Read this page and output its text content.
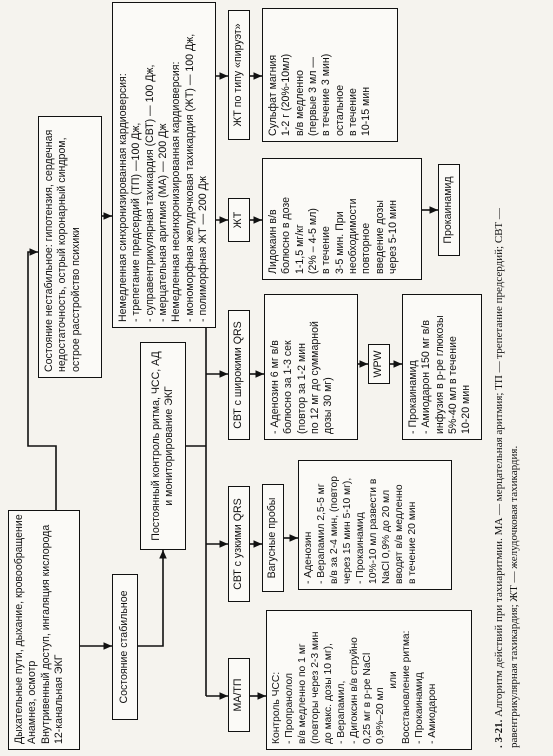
Дыхательные пути, дыхание, кровообращение Анамнез, осмотр Внутривенный доступ, ингаляция кислорода 12-канальная ЭКГ
Состояние нестабильное: гипотензия, сердечная недостаточность, острый коронарный синдром, острое расстройство психики
Состояние стабильное
Постоянный контроль ритма, ЧСС, АД и мониторирование ЭКГ
Немедленная синхронизированная кардиоверсия: - трепетание предсердий (ТП) —100 Дж, - суправентрикулярная тахикардия (СВТ) — 100 Дж, - мерцательная аритмия (МА) — 200 Дж Немедленная несинхронизированная кардиоверсия: - мономорфная желудочковая тахикардия (ЖТ) — 100 Дж, - полиморфная ЖТ — 200 Дж
МА/ТП
СВТ с узкими QRS
СВТ с широкими QRS
ЖТ
ЖТ по типу «пируэт»
Контроль ЧСС: - Пропранолол в/в медленно по 1 мг (повторы через 2-3 мин до макс. дозы 10 мг), - Верапамил, - Дигоксин в/в струйно 0,25 мг в р-ре NaCl 0,9%–20 мл
или Восстановление ритма: - Прокаинамид - Амиодарон
Вагусные пробы - Аденозин - Верапамил 2,5-5 мг в/в за 2-4 мин, (повтор через 15 мин 5-10 мг), - Прокаинамид 10%-10 мл развести в NaCl 0,9% до 20 мл вводят в/в медленно в течение 20 мин
- Аденозин 6 мг в/в болюсно за 1-3 сек (повтор за 1-2 мин по 12 мг до суммарной дозы 30 мг)
WPW - Прокаинамид - Амиодарон 150 мг в/в инфузия в р-ре глюкозы 5%-40 мл в течение 10-20 мин
Лидокаин в/в болюсно в дозе 1-1,5 мг/кг (2% – 4-5 мл) в течение 3-5 мин. При необходимости повторное введение дозы через 5-10 мин	Прокаинамид
Сульфат магния 1-2 г (20%-10мл) в/в медленно (первые 3 мл — в течение 3 мин) остальное в течение 10-15 мин
. 3-21. Алгоритм действий при тахиаритмии. МА — мерцательная аритмия; ТП — трепетание предсердий; СВТ — равентрикулярная тахикардия; ЖТ — желудочковая тахикардия.
